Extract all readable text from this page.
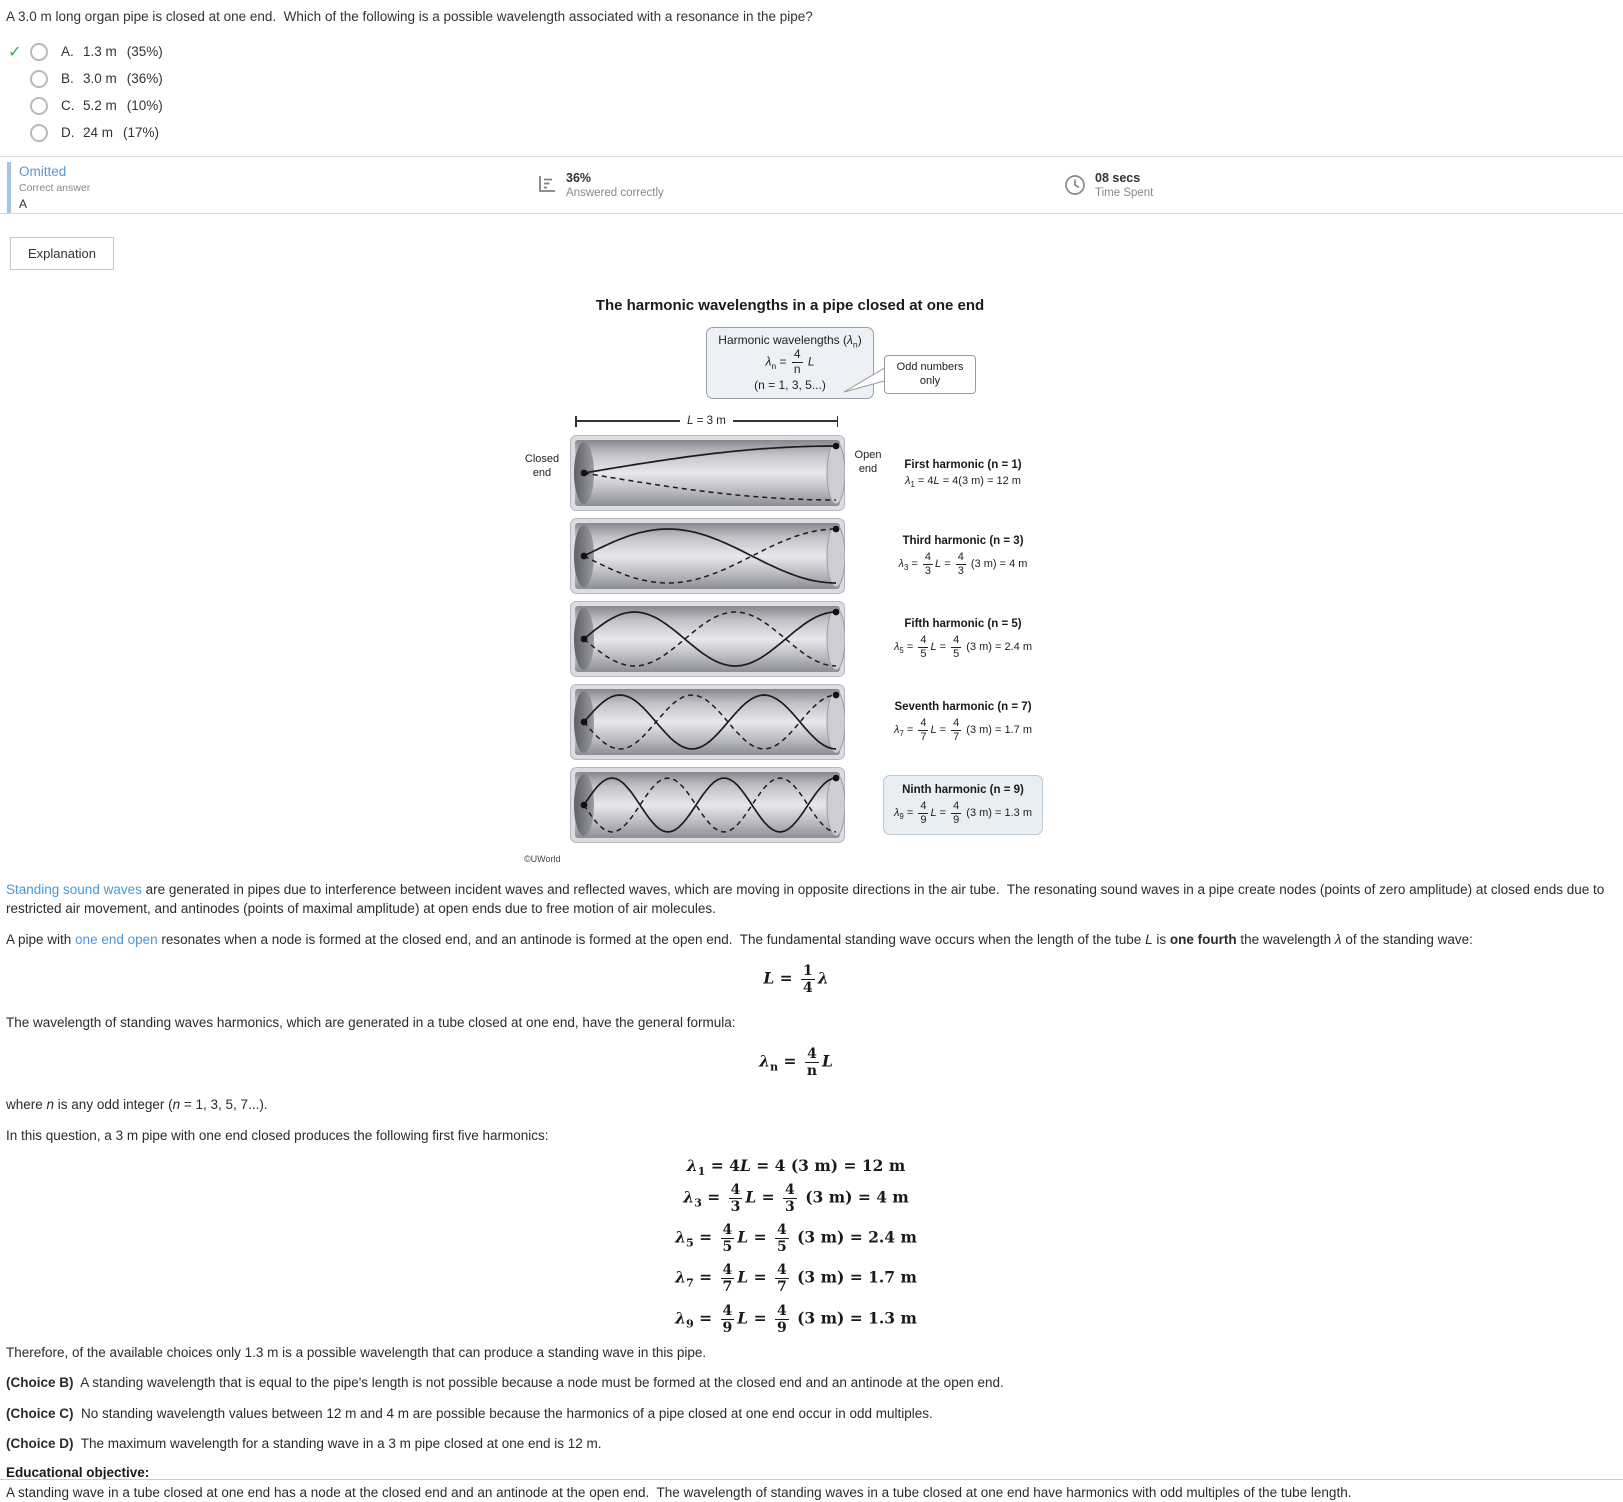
A 3.0 m long organ pipe is closed at one end.  Which of the following is a possible wavelength associated with a resonance in the pipe?
✓	A. 1.3 m (35%)
B. 3.0 m (36%)
C. 5.2 m (10%)
D. 24 m (17%)
Omitted
Correct answer
A
36%
Answered correctly
08 secs
Time Spent
Explanation
The harmonic wavelengths in a pipe closed at one end
Harmonic wavelengths $(\lambda_n)$
$\lambda_n = \frac{4}{n}$ L
(n = 1, 3, 5...)
Odd numbers only
L = 3 m
Closed end
Open end	First harmonic (n = 1)
$\lambda_1 = 4L = 4(3$ m) = 12 m
Third harmonic (n = 3)
$\lambda_3 = \frac{4}{3}$ $L = \frac{4}{3} (3$ m) = 4 m
Fifth harmonic (n = 5)
$\lambda_5 = \frac{4}{5}$ $L = \frac{4}{5} (3$ m) = 2.4 m
Seventh harmonic (n = 7)
$\lambda_7 = \frac{4}{7}$ $L = \frac{4}{7} (3$ m) = 1.7 m
Ninth harmonic (n = 9)
$\lambda_9 = \frac{4}{9}$ $L = \frac{4}{9} (3$ m) = 1.3 m
©UWorld
Standing sound waves are generated in pipes due to interference between incident waves and reflected waves, which are moving in opposite directions in the air tube.  The resonating sound waves in a pipe create nodes (points of zero amplitude) at closed ends due to restricted air movement, and antinodes (points of maximal amplitude) at open ends due to free motion of air molecules.
A pipe with one end open resonates when a node is formed at the closed end, and an antinode is formed at the open end.  The fundamental standing wave occurs when the length of the tube L is one fourth the wavelength λ of the standing wave:
$L = \frac{1}{4}$ λ
The wavelength of standing waves harmonics, which are generated in a tube closed at one end, have the general formula:
$\lambda_n = \frac{4}{n}$ L
where n is any odd integer (n = 1, 3, 5, 7...).
In this question, a 3 m pipe with one end closed produces the following first five harmonics:
$\lambda_1 = 4L = 4$ (3 m) = 12 m
$\lambda_3 = \frac{4}{3}$ $L = \frac{4}{3} (3$ m) = 4 m
$\lambda_5 = \frac{4}{5}$ $L = \frac{4}{5} (3$ m) = 2.4 m
$\lambda_7 = \frac{4}{7}$ $L = \frac{4}{7} (3$ m) = 1.7 m
$\lambda_9 = \frac{4}{9}$ $L = \frac{4}{9} (3$ m) = 1.3 m
Therefore, of the available choices only 1.3 m is a possible wavelength that can produce a standing wave in this pipe.
(Choice B)  A standing wavelength that is equal to the pipe's length is not possible because a node must be formed at the closed end and an antinode at the open end.
(Choice C)  No standing wavelength values between 12 m and 4 m are possible because the harmonics of a pipe closed at one end occur in odd multiples.
(Choice D)  The maximum wavelength for a standing wave in a 3 m pipe closed at one end is 12 m.
Educational objective:
A standing wave in a tube closed at one end has a node at the closed end and an antinode at the open end.  The wavelength of standing waves in a tube closed at one end have harmonics with odd multiples of the tube length.
